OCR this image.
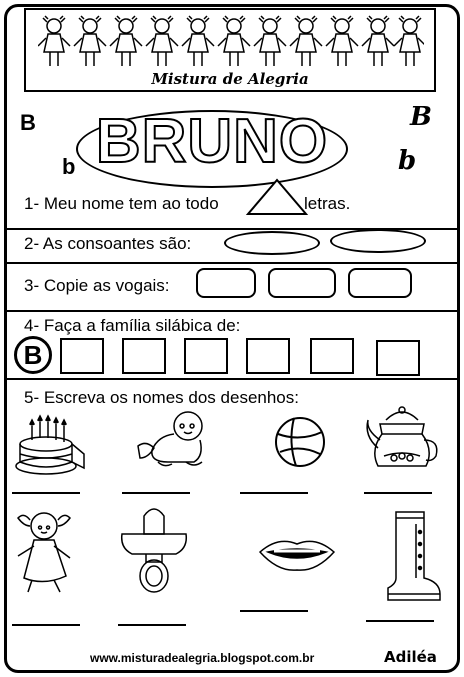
Mistura de Alegria
B
b
B
b
BRUNO
1- Meu nome tem ao todo	letras.
2- As consoantes são:
3- Copie as vogais:
4- Faça a família silábica de:
B
5- Escreva os nomes dos desenhos:
www.misturadealegria.blogspot.com.br	Adiléa
